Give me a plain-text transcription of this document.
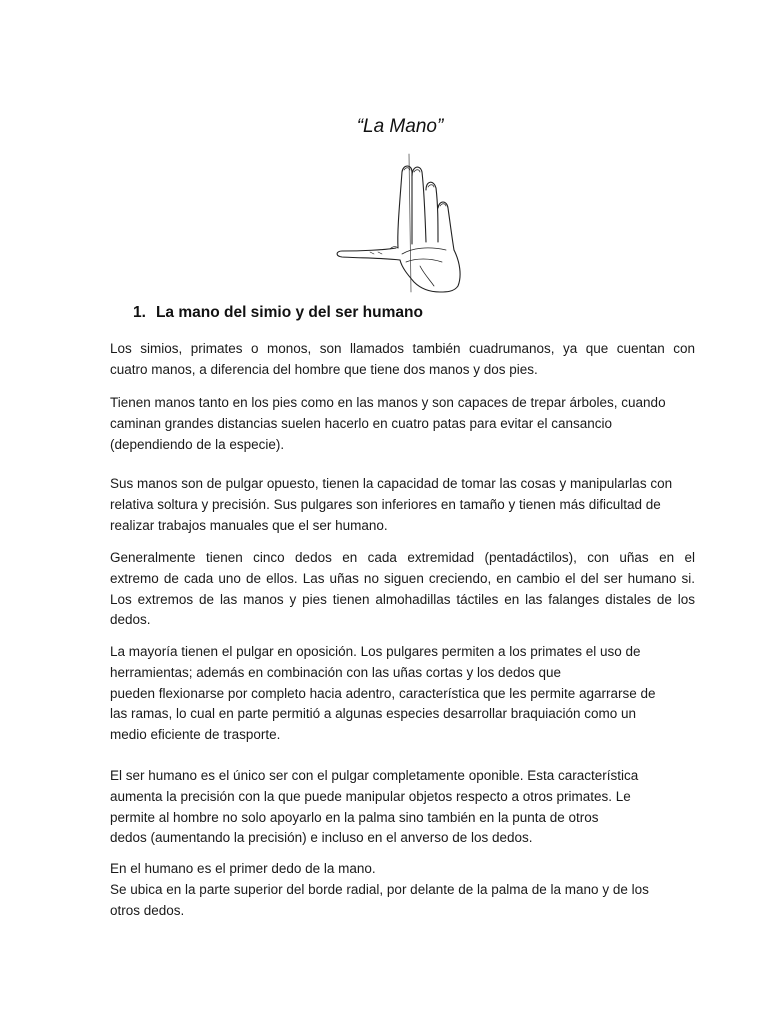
“La Mano”
1. La mano del simio y del ser humano
Los simios, primates o monos, son llamados también cuadrumanos, ya que cuentan con
cuatro manos, a diferencia del hombre que tiene dos manos y dos pies.
Tienen manos tanto en los pies como en las manos y son capaces de trepar árboles, cuando
caminan grandes distancias suelen hacerlo en cuatro patas para evitar el cansancio
(dependiendo de la especie).
Sus manos son de pulgar opuesto, tienen la capacidad de tomar las cosas y manipularlas con
relativa soltura y precisión. Sus pulgares son inferiores en tamaño y tienen más dificultad de
realizar trabajos manuales que el ser humano.
Generalmente tienen cinco dedos en cada extremidad (pentadáctilos), con uñas en el
extremo de cada uno de ellos. Las uñas no siguen creciendo, en cambio el del ser humano si.
Los extremos de las manos y pies tienen almohadillas táctiles en las falanges distales de los
dedos.
La mayoría tienen el pulgar en oposición. Los pulgares permiten a los primates el uso de
herramientas; además en combinación con las uñas cortas y los dedos que
pueden flexionarse por completo hacia adentro, característica que les permite agarrarse de
las ramas, lo cual en parte permitió a algunas especies desarrollar braquiación como un
medio eficiente de trasporte.
El ser humano es el único ser con el pulgar completamente oponible. Esta característica
aumenta la precisión con la que puede manipular objetos respecto a otros primates. Le
permite al hombre no solo apoyarlo en la palma sino también en la punta de otros
dedos (aumentando la precisión) e incluso en el anverso de los dedos.
En el humano es el primer dedo de la mano.
Se ubica en la parte superior del borde radial, por delante de la palma de la mano y de los
otros dedos.
